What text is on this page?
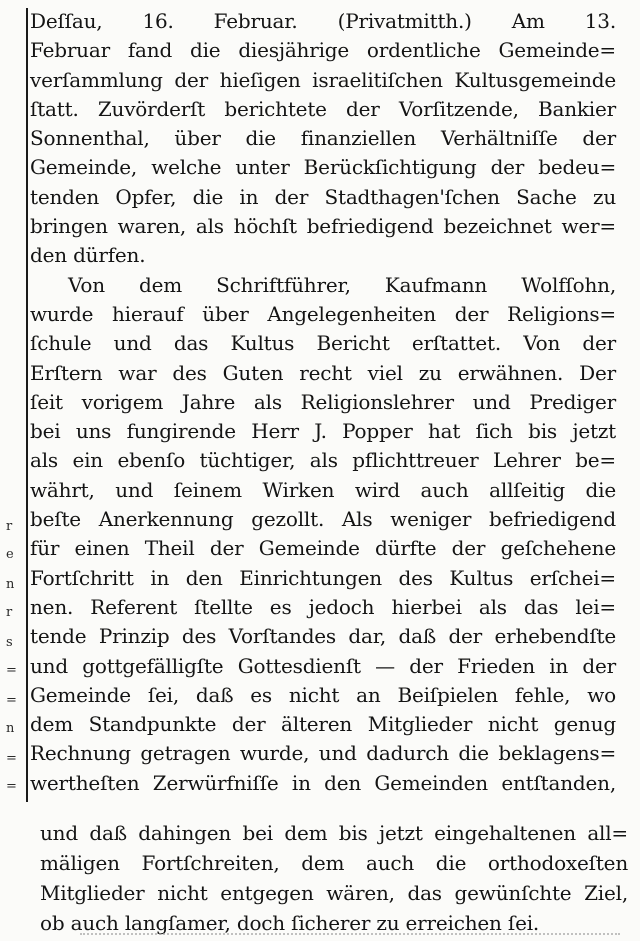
r
e
n
r
s
=
=
n
=
=
Deſſau, 16. Februar. (Privatmitth.) Am 13.
Februar fand die diesjährige ordentliche Gemeinde=
verſammlung der hieſigen israelitiſchen Kultusgemeinde
ſtatt. Zuvörderſt berichtete der Vorſitzende, Bankier
Sonnenthal, über die finanziellen Verhältniſſe der
Gemeinde, welche unter Berückſichtigung der bedeu=
tenden Opfer, die in der Stadthagen'ſchen Sache zu
bringen waren, als höchſt befriedigend bezeichnet wer=
den dürfen.
Von dem Schriftführer, Kaufmann Wolfſohn,
wurde hierauf über Angelegenheiten der Religions=
ſchule und das Kultus Bericht erſtattet. Von der
Erſtern war des Guten recht viel zu erwähnen. Der
ſeit vorigem Jahre als Religionslehrer und Prediger
bei uns fungirende Herr J. Popper hat ſich bis jetzt
als ein ebenſo tüchtiger, als pflichttreuer Lehrer be=
währt, und ſeinem Wirken wird auch allſeitig die
beſte Anerkennung gezollt. Als weniger befriedigend
für einen Theil der Gemeinde dürfte der geſchehene
Fortſchritt in den Einrichtungen des Kultus erſchei=
nen. Referent ſtellte es jedoch hierbei als das lei=
tende Prinzip des Vorſtandes dar, daß der erhebendſte
und gottgefälligſte Gottesdienſt — der Frieden in der
Gemeinde ſei, daß es nicht an Beiſpielen fehle, wo
dem Standpunkte der älteren Mitglieder nicht genug
Rechnung getragen wurde, und dadurch die beklagens=
wertheſten Zerwürfniſſe in den Gemeinden entſtanden,
und daß dahingen bei dem bis jetzt eingehaltenen all=
mäligen Fortſchreiten, dem auch die orthodoxeſten
Mitglieder nicht entgegen wären, das gewünſchte Ziel,
ob auch langſamer, doch ſicherer zu erreichen ſei.
